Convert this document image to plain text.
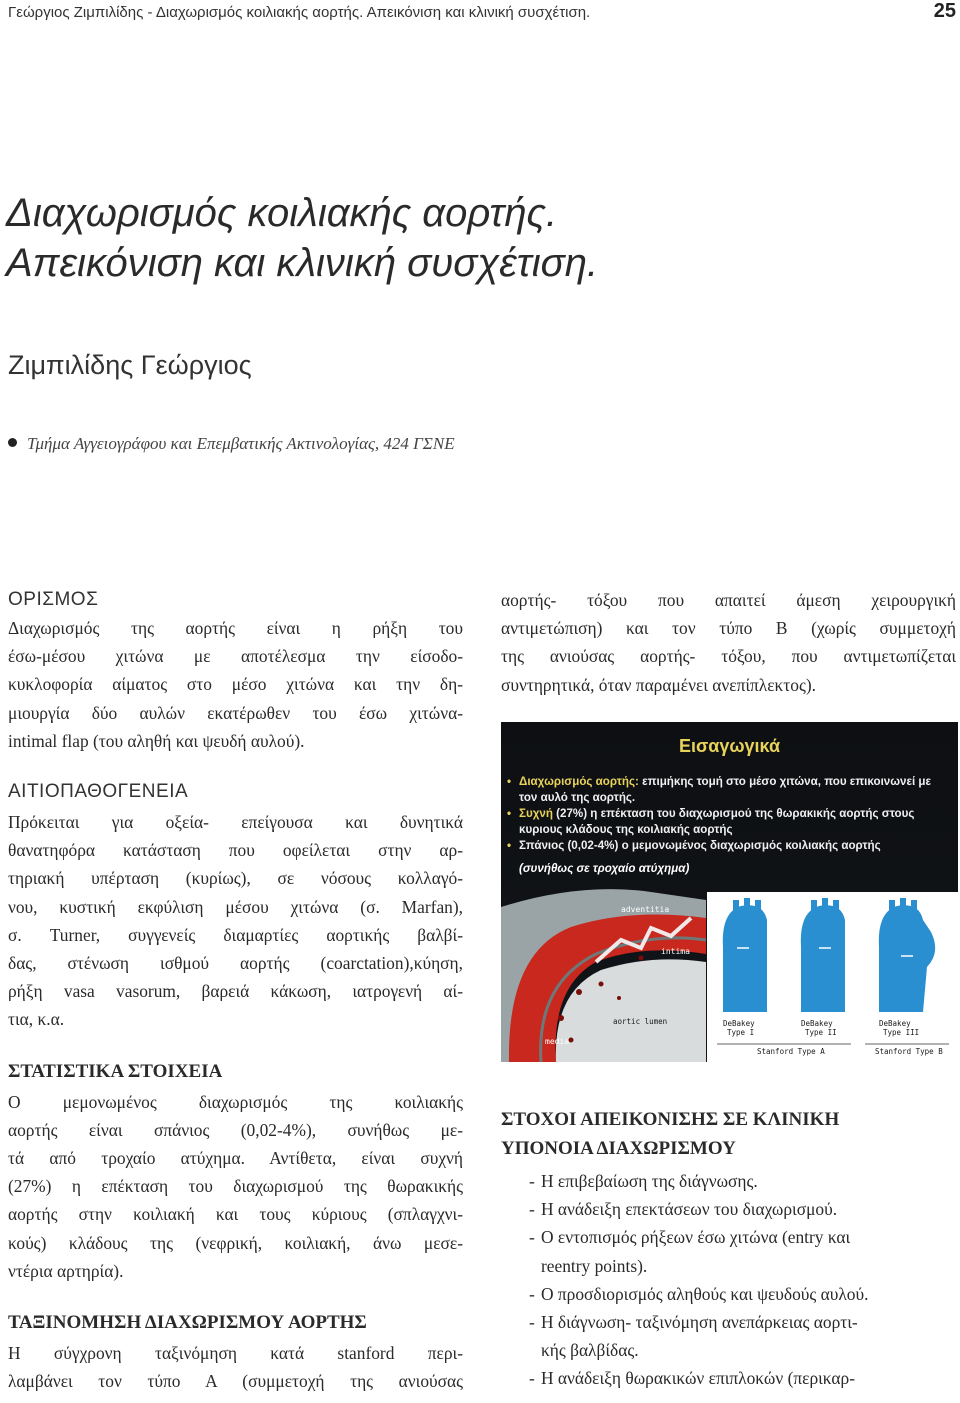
Γεώργιος Ζιμπιλίδης - Διαχωρισμός κοιλιακής αορτής. Απεικόνιση και κλινική συσχέτιση.	25
Διαχωρισμός κοιλιακής αορτής.
Απεικόνιση και κλινική συσχέτιση.
Ζιμπιλίδης Γεώργιος
Τμήμα Αγγειογράφου και Επεμβατικής Ακτινολογίας, 424 ΓΣΝΕ
ΟΡΙΣΜΟΣ

Διαχωρισμός της αορτής είναι η ρήξη του
έσω-μέσου χιτώνα με αποτέλεσμα την είσοδο-
κυκλοφορία αίματος στο μέσο χιτώνα και την δη-
μιουργία δύο αυλών εκατέρωθεν του έσω χιτώνα-
intimal flap (του αληθή και ψευδή αυλού).

ΑΙΤΙΟΠΑΘΟΓΕΝΕΙΑ

Πρόκειται για οξεία- επείγουσα και δυνητικά
θανατηφόρα κατάσταση που οφείλεται στην αρ-
τηριακή υπέρταση (κυρίως), σε νόσους κολλαγό-
νου, κυστική εκφύλιση μέσου χιτώνα (σ. Marfan),
σ. Turner, συγγενείς διαμαρτίες αορτικής βαλβί-
δας, στένωση ισθμού αορτής (coarctation),κύηση,
ρήξη vasa vasorum, βαρειά κάκωση, ιατρογενή αί-
τια, κ.α.

ΣΤΑΤΙΣΤΙΚΑ ΣΤΟΙΧΕΙΑ

Ο μεμονωμένος διαχωρισμός της κοιλιακής
αορτής είναι σπάνιος (0,02-4%), συνήθως με-
τά από τροχαίο ατύχημα. Αντίθετα, είναι συχνή
(27%) η επέκταση του διαχωρισμού της θωρακικής
αορτής στην κοιλιακή και τους κύριους (σπλαγχνι-
κούς) κλάδους της (νεφρική, κοιλιακή, άνω μεσε-
ντέρια αρτηρία).

ΤΑΞΙΝΟΜΗΣΗ ΔΙΑΧΩΡΙΣΜΟΥ ΑΟΡΤΗΣ

Η σύγχρονη ταξινόμηση κατά stanford περι-
λαμβάνει τον τύπο Α (συμμετοχή της ανιούσας

αορτής- τόξου που απαιτεί άμεση χειρουργική
αντιμετώπιση) και τον τύπο Β (χωρίς συμμετοχή
της ανιούσας αορτής- τόξου, που αντιμετωπίζεται
συντηρητικά, όταν παραμένει ανεπίπλεκτος).

adventitia
intima
aortic lumen
media
DeBakey
Type I
DeBakey
Type II
DeBakey
Type III
Stanford Type A	Stanford Type B
Εισαγωγικά
• Διαχωρισμός αορτής: επιμήκης τομή στο μέσο χιτώνα, που επικοινωνεί με τον αυλό της αορτής.
• Συχνή (27%) η επέκταση του διαχωρισμού της θωρακικής αορτής στους κυριους κλάδους της κοιλιακής αορτής
• Σπάνιος (0,02-4%) ο μεμονωμένος διαχωρισμός κοιλιακής αορτής
(συνήθως σε τροχαίο ατύχημα)
ΣΤΟΧΟΙ ΑΠΕΙΚΟΝΙΣΗΣ ΣΕ ΚΛΙΝΙΚΗ
ΥΠΟΝΟΙΑ ΔΙΑΧΩΡΙΣΜΟΥ
- Η επιβεβαίωση της διάγνωσης.
- Η ανάδειξη επεκτάσεων του διαχωρισμού.
- Ο εντοπισμός ρήξεων έσω χιτώνα (entry και
reentry points).
- Ο προσδιορισμός αληθούς και ψευδούς αυλού.
- Η διάγνωση- ταξινόμηση ανεπάρκειας αορτι-
κής βαλβίδας.
- Η ανάδειξη θωρακικών επιπλοκών (περικαρ-
